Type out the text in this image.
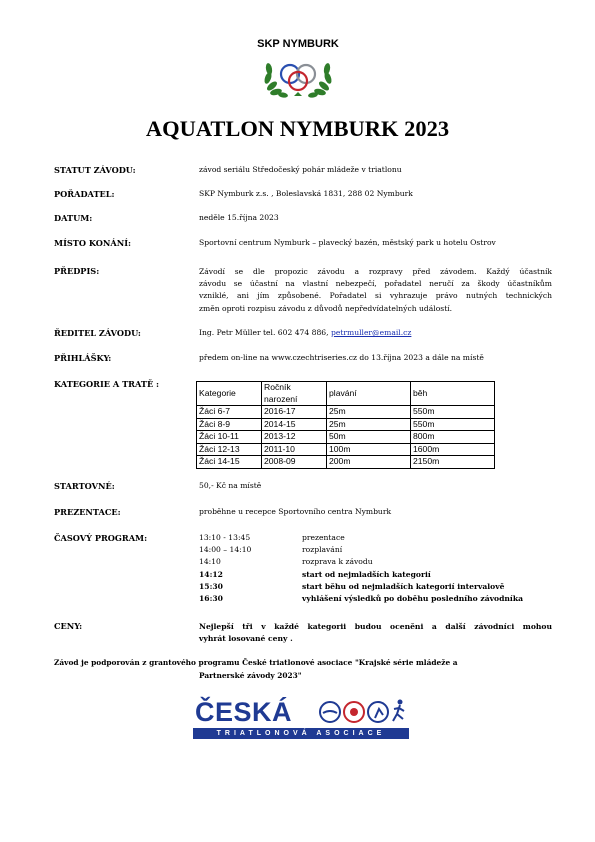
SKP NYMBURK
AQUATLON NYMBURK 2023
STATUT ZÁVODU:	závod seriálu Středočeský pohár mládeže v triatlonu
POŘADATEL:	SKP Nymburk z.s. , Boleslavská 1831, 288 02 Nymburk
DATUM:	neděle 15.října 2023
MÍSTO KONÁNÍ:	Sportovní centrum Nymburk – plavecký bazén, městský park u hotelu Ostrov
PŘEDPIS:	Závodí se dle propozic závodu a rozpravy před závodem. Každý účastník
závodu se účastní na vlastní nebezpečí, pořadatel neručí za škody účastníkům
vzniklé, ani jím způsobené. Pořadatel si vyhrazuje právo nutných technických
změn oproti rozpisu závodu z důvodů nepředvídatelných událostí.
ŘEDITEL ZÁVODU:	Ing. Petr Müller tel. 602 474 886, petrmuller@email.cz
PŘIHLÁŠKY:	předem on-line na www.czechtriseries.cz do 13.října 2023 a dále na místě
KATEGORIE A TRATĚ :
Kategorie	Ročník narození	plavání	běh
Žáci 6-7	2016-17	25m	550m
Žáci 8-9	2014-15	25m	550m
Žáci 10-11	2013-12	50m	800m
Žáci 12-13	2011-10	100m	1600m
Žáci 14-15	2008-09	200m	2150m
STARTOVNÉ:	50,- Kč na místě
PREZENTACE:	proběhne u recepce Sportovního centra Nymburk
ČASOVÝ PROGRAM:	13:10 - 13:45	prezentace
14:00 – 14:10	rozplavání
14:10	rozprava k závodu
14:12	start od nejmladších kategorií
15:30	start běhu od nejmladších kategorií intervalově
16:30	vyhlášení výsledků po doběhu posledního závodníka
CENY:	Nejlepší tři v každé kategorii budou oceněni a další závodníci mohou
vyhrát losované ceny .
Závod je podporován z grantového programu České triatlonové asociace "Krajské série mládeže a
Partnerské závody 2023"
ČESKÁ
TRIATLONOVÁ ASOCIACE
